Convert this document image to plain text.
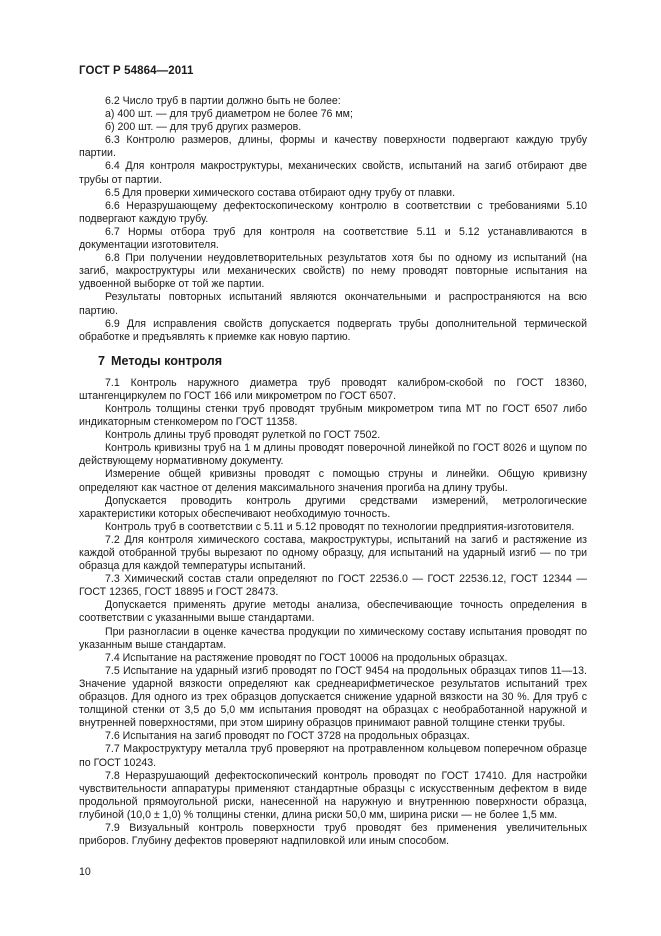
ГОСТ Р 54864—2011

6.2 Число труб в партии должно быть не более:

а) 400 шт. — для труб диаметром не более 76 мм;

б) 200 шт. — для труб других размеров.

6.3 Контролю размеров, длины, формы и качеству поверхности подвергают каждую трубу партии.

6.4 Для контроля макроструктуры, механических свойств, испытаний на загиб отбирают две трубы от партии.

6.5 Для проверки химического состава отбирают одну трубу от плавки.

6.6 Неразрушающему дефектоскопическому контролю в соответствии с требованиями 5.10 подвергают каждую трубу.

6.7 Нормы отбора труб для контроля на соответствие 5.11 и 5.12 устанавливаются в документации изготовителя.

6.8 При получении неудовлетворительных результатов хотя бы по одному из испытаний (на загиб, макроструктуры или механических свойств) по нему проводят повторные испытания на удвоенной выборке от той же партии.

Результаты повторных испытаний являются окончательными и распространяются на всю партию.

6.9 Для исправления свойств допускается подвергать трубы дополнительной термической обработке и предъявлять к приемке как новую партию.

7 Методы контроля

7.1 Контроль наружного диаметра труб проводят калибром-скобой по ГОСТ 18360, штангенциркулем по ГОСТ 166 или микрометром по ГОСТ 6507.

Контроль толщины стенки труб проводят трубным микрометром типа МТ по ГОСТ 6507 либо индикаторным стенкомером по ГОСТ 11358.

Контроль длины труб проводят рулеткой по ГОСТ 7502.

Контроль кривизны труб на 1 м длины проводят поверочной линейкой по ГОСТ 8026 и щупом по действующему нормативному документу.

Измерение общей кривизны проводят с помощью струны и линейки. Общую кривизну определяют как частное от деления максимального значения прогиба на длину трубы.

Допускается проводить контроль другими средствами измерений, метрологические характеристики которых обеспечивают необходимую точность.

Контроль труб в соответствии с 5.11 и 5.12 проводят по технологии предприятия-изготовителя.

7.2 Для контроля химического состава, макроструктуры, испытаний на загиб и растяжение из каждой отобранной трубы вырезают по одному образцу, для испытаний на ударный изгиб — по три образца для каждой температуры испытаний.

7.3 Химический состав стали определяют по ГОСТ 22536.0 — ГОСТ 22536.12, ГОСТ 12344 — ГОСТ 12365, ГОСТ 18895 и ГОСТ 28473.

Допускается применять другие методы анализа, обеспечивающие точность определения в соответствии с указанными выше стандартами.

При разногласии в оценке качества продукции по химическому составу испытания проводят по указанным выше стандартам.

7.4 Испытание на растяжение проводят по ГОСТ 10006 на продольных образцах.

7.5 Испытание на ударный изгиб проводят по ГОСТ 9454 на продольных образцах типов 11—13. Значение ударной вязкости определяют как среднеарифметическое результатов испытаний трех образцов. Для одного из трех образцов допускается снижение ударной вязкости на 30 %. Для труб с толщиной стенки от 3,5 до 5,0 мм испытания проводят на образцах с необработанной наружной и внутренней поверхностями, при этом ширину образцов принимают равной толщине стенки трубы.

7.6 Испытания на загиб проводят по ГОСТ 3728 на продольных образцах.

7.7 Макроструктуру металла труб проверяют на протравленном кольцевом поперечном образце по ГОСТ 10243.

7.8 Неразрушающий дефектоскопический контроль проводят по ГОСТ 17410. Для настройки чувствительности аппаратуры применяют стандартные образцы с искусственным дефектом в виде продольной прямоугольной риски, нанесенной на наружную и внутреннюю поверхности образца, глубиной (10,0 ± 1,0) % толщины стенки, длина риски 50,0 мм, ширина риски — не более 1,5 мм.

7.9 Визуальный контроль поверхности труб проводят без применения увеличительных приборов. Глубину дефектов проверяют надпиловкой или иным способом.

10
